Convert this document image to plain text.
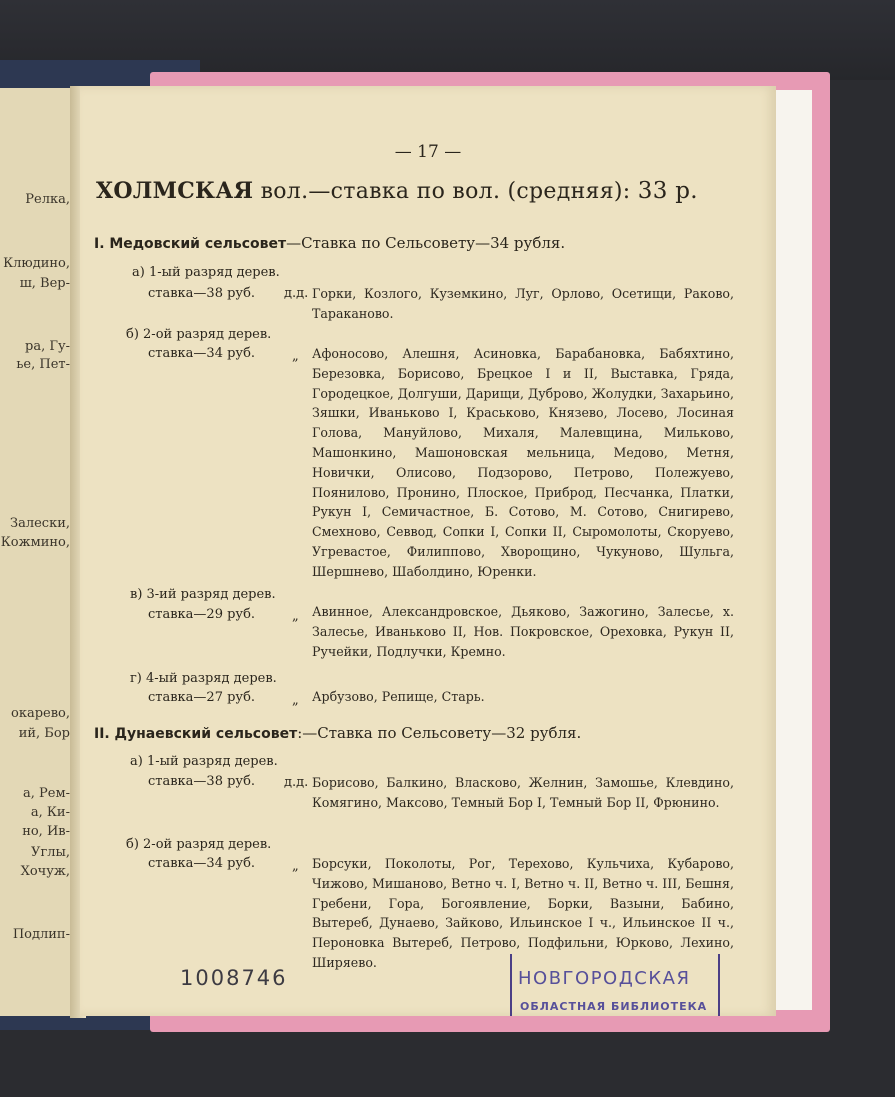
Релка,
Клюдино,
ш, Вер-
ра, Гу-
ье, Пет-
Залески,
Кожмино,
окарево,
ий, Бор
а, Рем-
а, Ки-
но, Ив-
Углы,
Хочуж,
Подлип-
— 17 —
ХОЛМСКАЯ вол.—ставка по вол. (средняя): 33 р.
I. Медовский сельсовет—Ставка по Сельсовету—34 рубля.
а) 1-ый разряд дерев.
ставка—38 руб. д.д. Горки, Козлого, Куземкино, Луг, Орлово, Осетищи, Раково, Тараканово.
б) 2-ой разряд дерев.
ставка—34 руб.	„ Афоносово, Алешня, Асиновка, Барабановка, Бабяхтино, Березовка, Борисово, Брецкое I и II, Выставка, Гряда, Городецкое, Долгуши, Дарищи, Дуброво, Жолудки, Захарьино, Зяшки, Иваньково I, Краськово, Князево, Лосево, Лосиная Голова, Мануйлово, Михаля, Малевщина, Мильково, Машонкино, Машоновская мельница, Медово, Метня, Новички, Олисово, Подзорово, Петрово, Полежуево, Поянилово, Пронино, Плоское, Приброд, Песчанка, Платки, Рукун I, Семичастное, Б. Сотово, М. Сотово, Снигирево, Смехново, Севвод, Сопки I, Сопки II, Сыромолоты, Скоруево, Угревастое, Филиппово, Хворощино, Чукуново, Шульга, Шершнево, Шаболдино, Юренки.
в) 3-ий разряд дерев.
ставка—29 руб.	„ Авинное, Александровское, Дьяково, Зажогино, Залесье, х. Залесье, Иваньково II, Нов. Покровское, Ореховка, Рукун II, Ручейки, Подлучки, Кремно.
г) 4-ый разряд дерев.
ставка—27 руб.	„ Арбузово, Репище, Старь.
II. Дунаевский сельсовет:—Ставка по Сельсовету—32 рубля.
а) 1-ый разряд дерев.
ставка—38 руб. д.д. Борисово, Балкино, Власково, Желнин, Замошье, Клевдино, Комягино, Максово, Темный Бор I, Темный Бор II, Фрюнино.
б) 2-ой разряд дерев.
ставка—34 руб.	„ Борсуки, Поколоты, Рог, Терехово, Кульчиха, Кубарово, Чижово, Мишаново, Ветно ч. I, Ветно ч. II, Ветно ч. III, Бешня, Гребени, Гора, Богоявление, Борки, Вазыни, Бабино, Вытереб, Дунаево, Зайково, Ильинское I ч., Ильинское II ч., Пероновка Вытереб, Петрово, Подфильни, Юрково, Лехино, Ширяево.
НОВГОРОДСКАЯ
ОБЛАСТНАЯ БИБЛИОТЕКА
1008746
